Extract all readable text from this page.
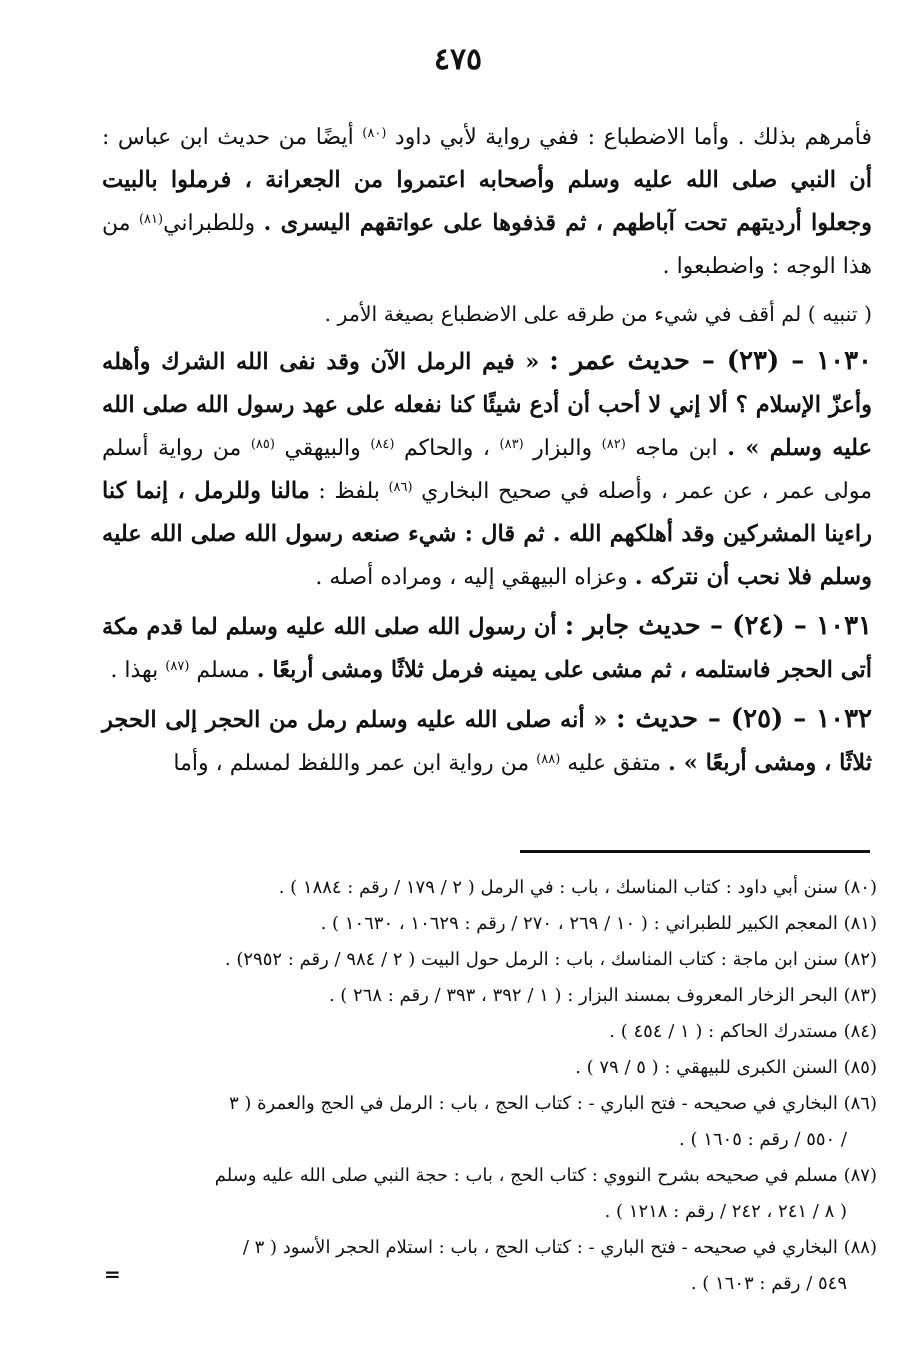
٤٧٥

فأمرهم بذلك . وأما الاضطباع : ففي رواية لأبي داود $^{(٨٠)}$ أيضًا من حديث ابن عباس : أن النبي صلى الله عليه وسلم وأصحابه اعتمروا من الجعرانة ، فرملوا بالبيت وجعلوا أرديتهم تحت آباطهم ، ثم قذفوها على عواتقهم اليسرى . وللطبراني$^{(٨١)}$ من هذا الوجه : واضطبعوا .

( تنبيه ) لم أقف في شيء من طرقه على الاضطباع بصيغة الأمر .

١٠٣٠ – (٢٣) – حديث عمر : « فيم الرمل الآن وقد نفى الله الشرك وأهله وأعزّ الإسلام ؟ ألا إني لا أحب أن أدع شيئًا كنا نفعله على عهد رسول الله صلى الله عليه وسلم » . ابن ماجه $^{(٨٢)}$ والبزار $^{(٨٣)}$ ، والحاكم $^{(٨٤)}$ والبيهقي $^{(٨٥)}$ من رواية أسلم مولى عمر ، عن عمر ، وأصله في صحيح البخاري $^{(٨٦)}$ بلفظ : مالنا وللرمل ، إنما كنا راءينا المشركين وقد أهلكهم الله . ثم قال : شيء صنعه رسول الله صلى الله عليه وسلم فلا نحب أن نتركه . وعزاه البيهقي إليه ، ومراده أصله .

١٠٣١ – (٢٤) – حديث جابر : أن رسول الله صلى الله عليه وسلم لما قدم مكة أتى الحجر فاستلمه ، ثم مشى على يمينه فرمل ثلاثًا ومشى أربعًا . مسلم $^{(٨٧)}$ بهذا .

١٠٣٢ – (٢٥) – حديث : « أنه صلى الله عليه وسلم رمل من الحجر إلى الحجر ثلاثًا ، ومشى أربعًا » . متفق عليه $^{(٨٨)}$ من رواية ابن عمر واللفظ لمسلم ، وأما

(٨٠) سنن أبي داود : كتاب المناسك ، باب : في الرمل ( ٢ / ١٧٩ / رقم : ١٨٨٤ ) .

(٨١) المعجم الكبير للطبراني : ( ١٠ / ٢٦٩ ، ٢٧٠ / رقم : ١٠٦٢٩ ، ١٠٦٣٠ ) .

(٨٢) سنن ابن ماجة : كتاب المناسك ، باب : الرمل حول البيت ( ٢ / ٩٨٤ / رقم : ٢٩٥٢) .

(٨٣) البحر الزخار المعروف بمسند البزار : ( ١ / ٣٩٢ ، ٣٩٣ / رقم : ٢٦٨ ) .

(٨٤) مستدرك الحاكم : ( ١ / ٤٥٤ ) .

(٨٥) السنن الكبرى للبيهقي : ( ٥ / ٧٩ ) .

(٨٦) البخاري في صحيحه - فتح الباري - : كتاب الحج ، باب : الرمل في الحج والعمرة ( ٣
/ ٥٥٠ / رقم : ١٦٠٥ ) .

(٨٧) مسلم في صحيحه بشرح النووي : كتاب الحج ، باب : حجة النبي صلى الله عليه وسلم
( ٨ / ٢٤١ ، ٢٤٢ / رقم : ١٢١٨ ) .

(٨٨) البخاري في صحيحه - فتح الباري - : كتاب الحج ، باب : استلام الحجر الأسود ( ٣ /
٥٤٩ / رقم : ١٦٠٣ ) .

=
